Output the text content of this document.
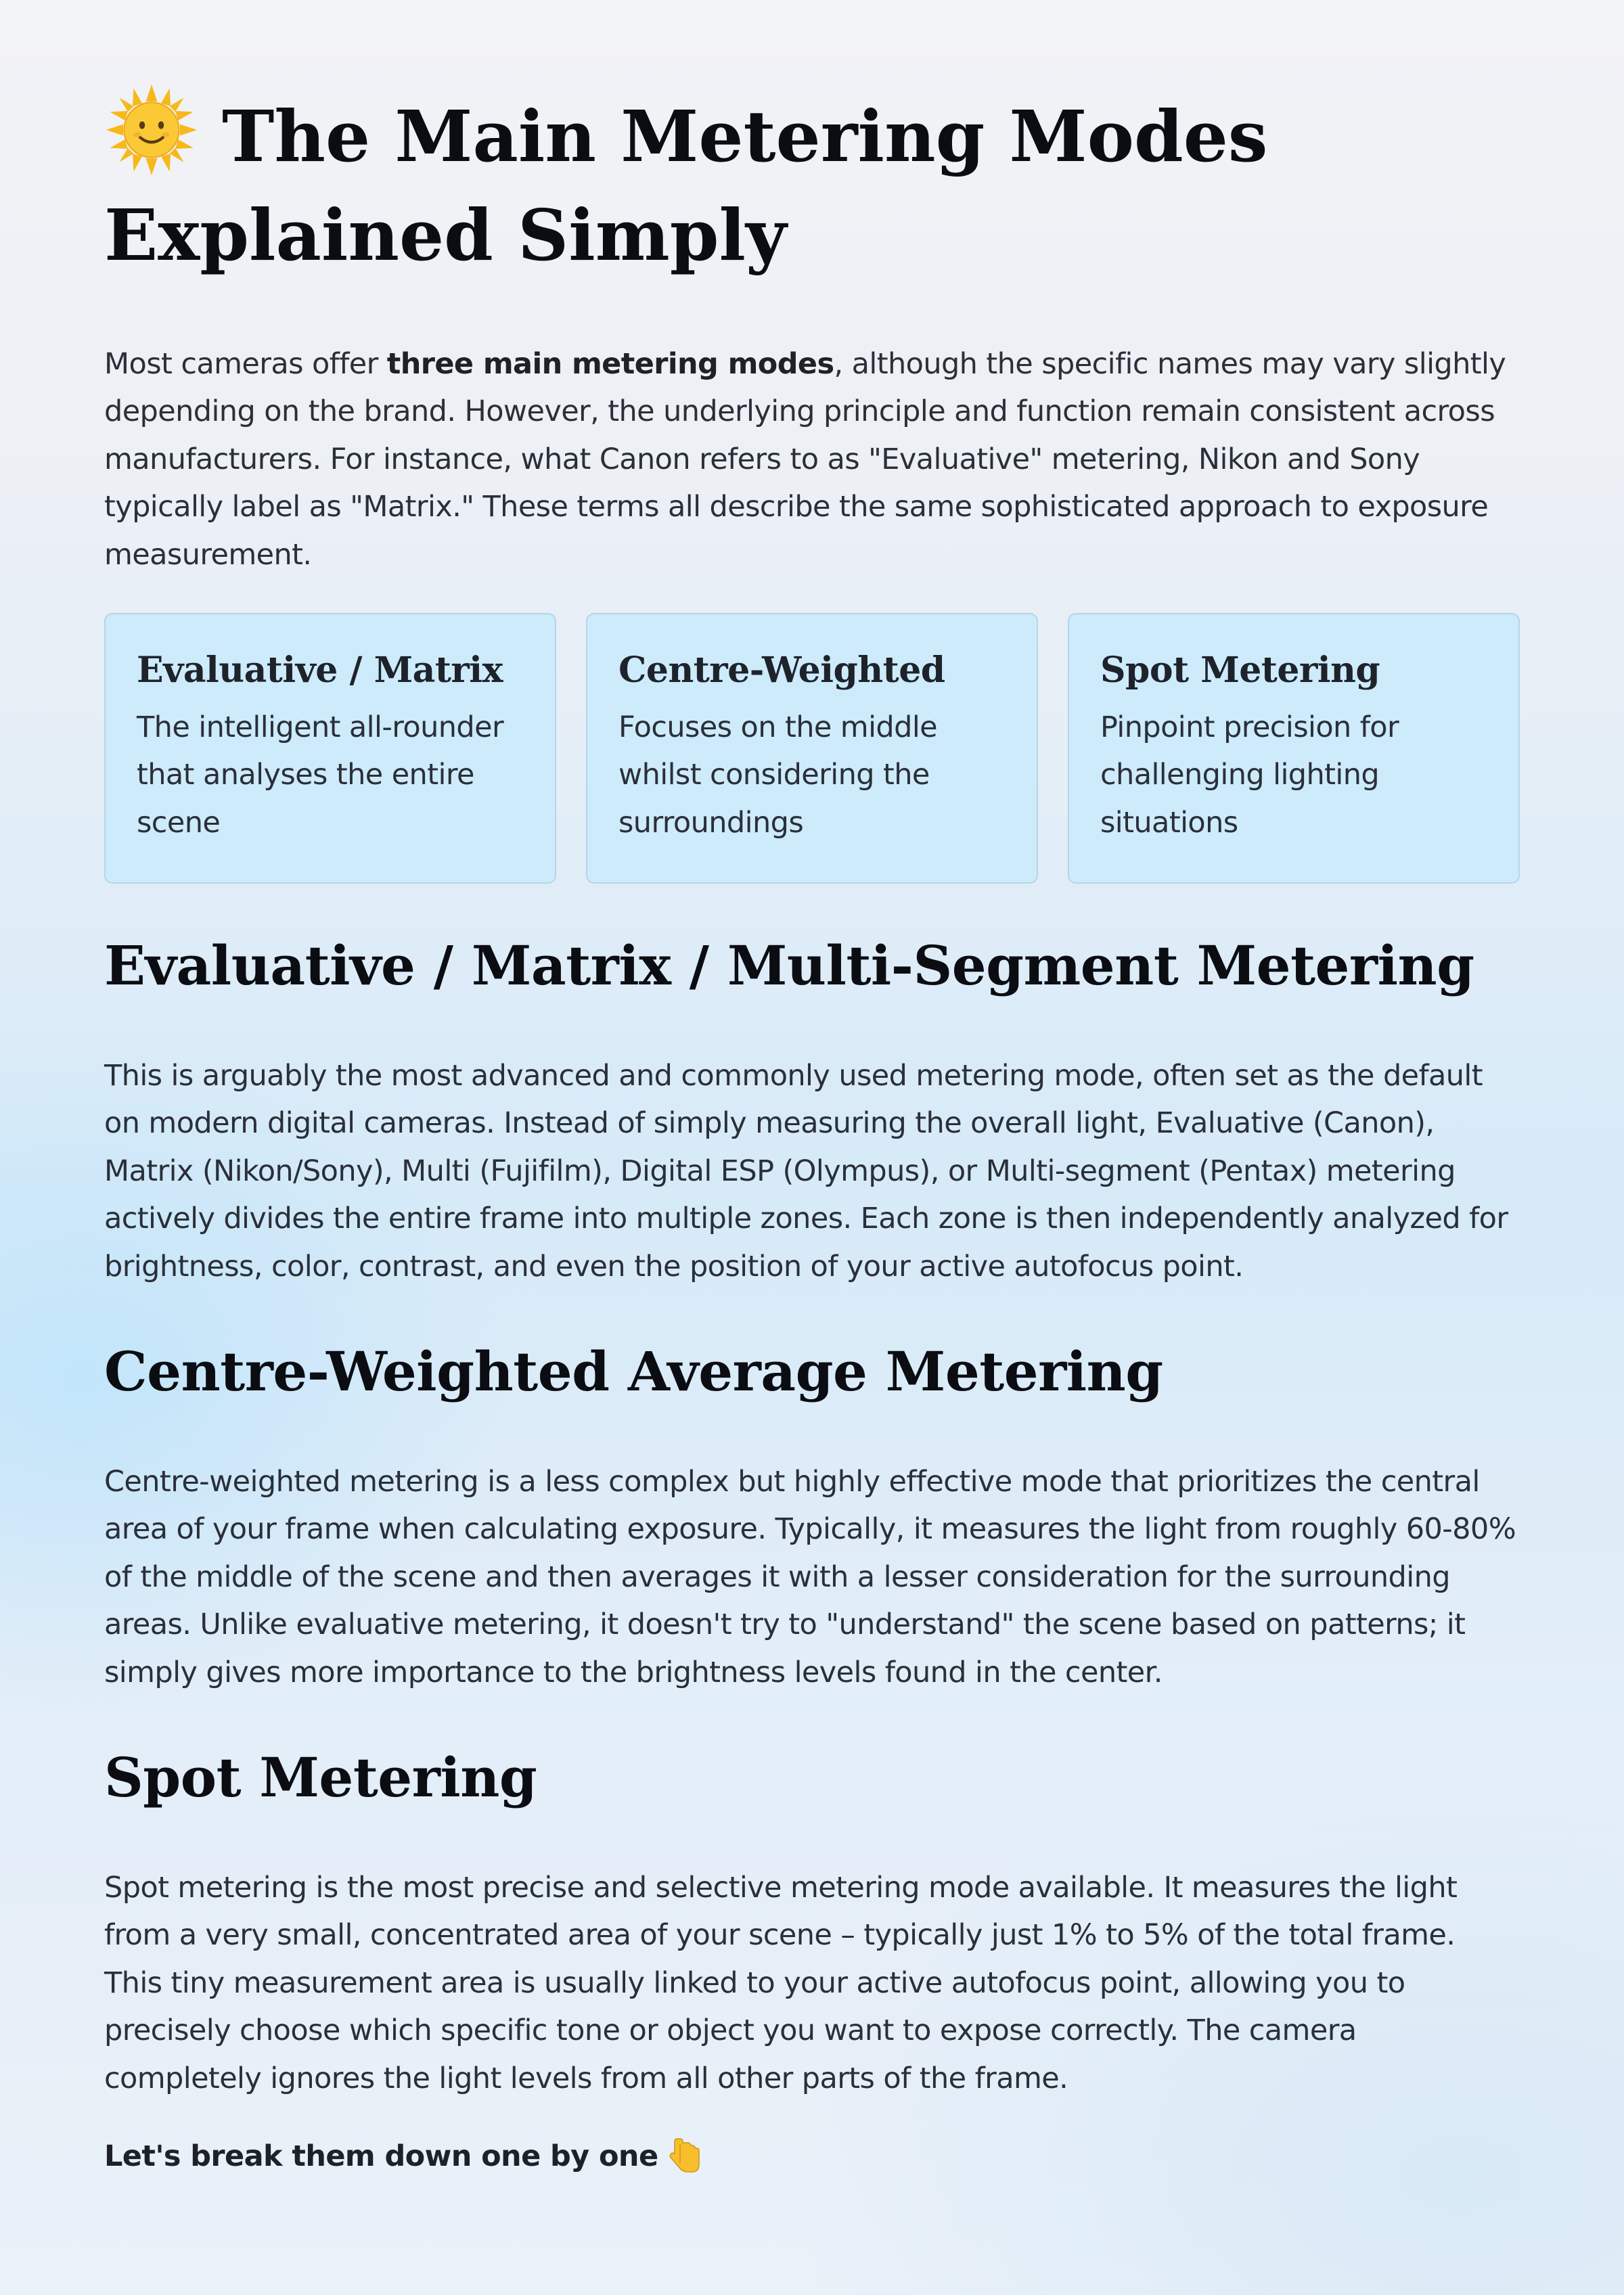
The Main Metering Modes Explained Simply

Most cameras offer three main metering modes, although the specific names may vary slightly depending on the brand. However, the underlying principle and function remain consistent across manufacturers. For instance, what Canon refers to as "Evaluative" metering, Nikon and Sony typically label as "Matrix." These terms all describe the same sophisticated approach to exposure measurement.

Evaluative / Matrix

The intelligent all-rounder that analyses the entire scene

Centre-Weighted

Focuses on the middle whilst considering the surroundings

Spot Metering

Pinpoint precision for challenging lighting situations

Evaluative / Matrix / Multi-Segment Metering

This is arguably the most advanced and commonly used metering mode, often set as the default on modern digital cameras. Instead of simply measuring the overall light, Evaluative (Canon), Matrix (Nikon/Sony), Multi (Fujifilm), Digital ESP (Olympus), or Multi-segment (Pentax) metering actively divides the entire frame into multiple zones. Each zone is then independently analyzed for brightness, color, contrast, and even the position of your active autofocus point.

Centre-Weighted Average Metering

Centre-weighted metering is a less complex but highly effective mode that prioritizes the central area of your frame when calculating exposure. Typically, it measures the light from roughly 60-80% of the middle of the scene and then averages it with a lesser consideration for the surrounding areas. Unlike evaluative metering, it doesn't try to "understand" the scene based on patterns; it simply gives more importance to the brightness levels found in the center.

Spot Metering

Spot metering is the most precise and selective metering mode available. It measures the light from a very small, concentrated area of your scene – typically just 1% to 5% of the total frame. This tiny measurement area is usually linked to your active autofocus point, allowing you to precisely choose which specific tone or object you want to expose correctly. The camera completely ignores the light levels from all other parts of the frame.

Let's break them down one by one
